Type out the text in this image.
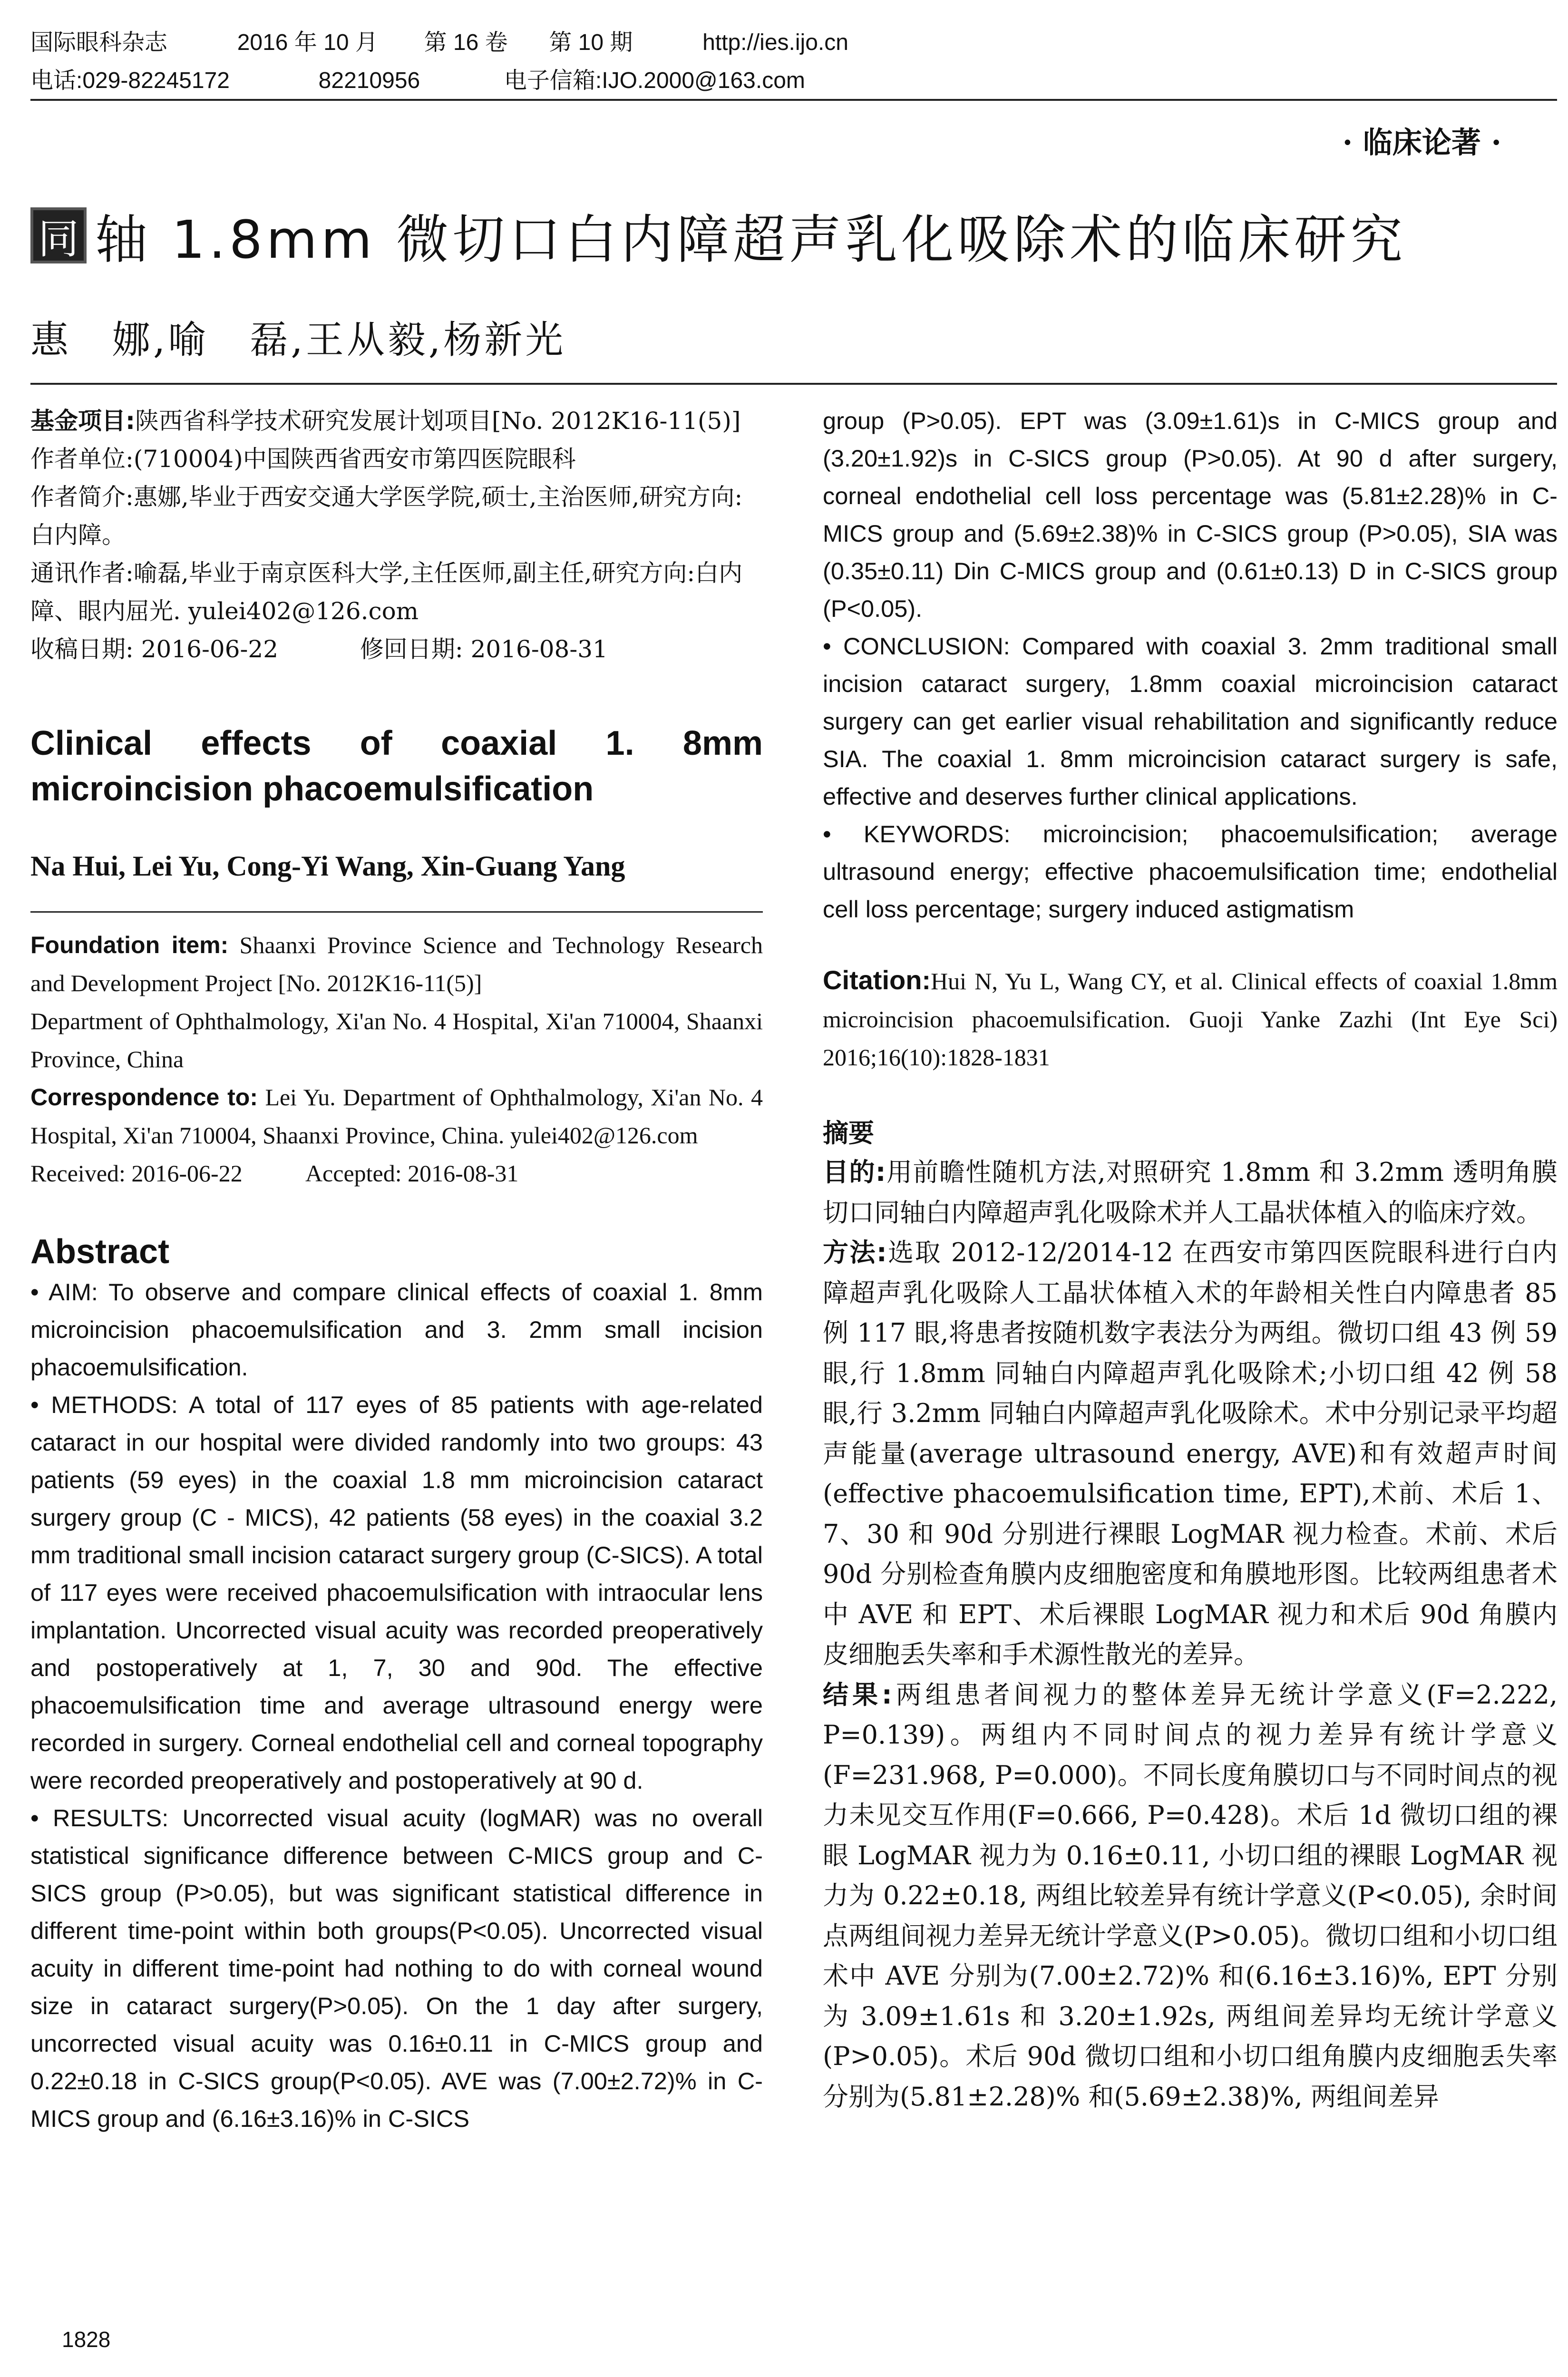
国际眼科杂志	2016 年 10 月 第 16 卷 第 10 期	http://ies.ijo.cn
电话:029-82245172	82210956	电子信箱:IJO.2000@163.com
· 临床论著 ·
同 轴 1.8mm 微切口白内障超声乳化吸除术的临床研究
惠　娜,喻　磊,王从毅,杨新光

基金项目:陕西省科学技术研究发展计划项目[No. 2012K16-11(5)]

作者单位:(710004)中国陕西省西安市第四医院眼科

作者简介:惠娜,毕业于西安交通大学医学院,硕士,主治医师,研究方向:白内障。

通讯作者:喻磊,毕业于南京医科大学,主任医师,副主任,研究方向:白内障、眼内屈光. yulei402@126.com

收稿日期: 2016-06-22	修回日期: 2016-08-31

Clinical effects of coaxial 1. 8mm microincision phacoemulsification
Na Hui, Lei Yu, Cong-Yi Wang, Xin-Guang Yang

Foundation item: Shaanxi Province Science and Technology Research and Development Project [No. 2012K16-11(5)]

Department of Ophthalmology, Xi'an No. 4 Hospital, Xi'an 710004, Shaanxi Province, China

Correspondence to: Lei Yu. Department of Ophthalmology, Xi'an No. 4 Hospital, Xi'an 710004, Shaanxi Province, China. yulei402@126.com

Received: 2016-06-22	Accepted: 2016-08-31

Abstract

• AIM: To observe and compare clinical effects of coaxial 1. 8mm microincision phacoemulsification and 3. 2mm small incision phacoemulsification.

• METHODS: A total of 117 eyes of 85 patients with age-related cataract in our hospital were divided randomly into two groups: 43 patients (59 eyes) in the coaxial 1.8 mm microincision cataract surgery group (C - MICS), 42 patients (58 eyes) in the coaxial 3.2 mm traditional small incision cataract surgery group (C-SICS). A total of 117 eyes were received phacoemulsification with intraocular lens implantation. Uncorrected visual acuity was recorded preoperatively and postoperatively at 1, 7, 30 and 90d. The effective phacoemulsification time and average ultrasound energy were recorded in surgery. Corneal endothelial cell and corneal topography were recorded preoperatively and postoperatively at 90 d.

• RESULTS: Uncorrected visual acuity (logMAR) was no overall statistical significance difference between C-MICS group and C-SICS group (P>0.05), but was significant statistical difference in different time-point within both groups(P<0.05). Uncorrected visual acuity in different time-point had nothing to do with corneal wound size in cataract surgery(P>0.05). On the 1 day after surgery, uncorrected visual acuity was 0.16±0.11 in C-MICS group and 0.22±0.18 in C-SICS group(P<0.05). AVE was (7.00±2.72)% in C-MICS group and (6.16±3.16)% in C-SICS

group (P>0.05). EPT was (3.09±1.61)s in C-MICS group and (3.20±1.92)s in C-SICS group (P>0.05). At 90 d after surgery, corneal endothelial cell loss percentage was (5.81±2.28)% in C-MICS group and (5.69±2.38)% in C-SICS group (P>0.05), SIA was (0.35±0.11) Din C-MICS group and (0.61±0.13) D in C-SICS group (P<0.05).

• CONCLUSION: Compared with coaxial 3. 2mm traditional small incision cataract surgery, 1.8mm coaxial microincision cataract surgery can get earlier visual rehabilitation and significantly reduce SIA. The coaxial 1. 8mm microincision cataract surgery is safe, effective and deserves further clinical applications.

• KEYWORDS: microincision; phacoemulsification; average ultrasound energy; effective phacoemulsification time; endothelial cell loss percentage; surgery induced astigmatism

Citation:Hui N, Yu L, Wang CY, et al. Clinical effects of coaxial 1.8mm microincision phacoemulsification. Guoji Yanke Zazhi (Int Eye Sci) 2016;16(10):1828-1831
摘要

目的:用前瞻性随机方法,对照研究 1.8mm 和 3.2mm 透明角膜切口同轴白内障超声乳化吸除术并人工晶状体植入的临床疗效。

方法:选取 2012-12/2014-12 在西安市第四医院眼科进行白内障超声乳化吸除人工晶状体植入术的年龄相关性白内障患者 85 例 117 眼,将患者按随机数字表法分为两组。微切口组 43 例 59 眼,行 1.8mm 同轴白内障超声乳化吸除术;小切口组 42 例 58 眼,行 3.2mm 同轴白内障超声乳化吸除术。术中分别记录平均超声能量(average ultrasound energy, AVE)和有效超声时间(effective phacoemulsification time, EPT),术前、术后 1、7、30 和 90d 分别进行裸眼 LogMAR 视力检查。术前、术后 90d 分别检查角膜内皮细胞密度和角膜地形图。比较两组患者术中 AVE 和 EPT、术后裸眼 LogMAR 视力和术后 90d 角膜内皮细胞丢失率和手术源性散光的差异。

结果:两组患者间视力的整体差异无统计学意义(F=2.222, P=0.139)。两组内不同时间点的视力差异有统计学意义(F=231.968, P=0.000)。不同长度角膜切口与不同时间点的视力未见交互作用(F=0.666, P=0.428)。术后 1d 微切口组的裸眼 LogMAR 视力为 0.16±0.11, 小切口组的裸眼 LogMAR 视力为 0.22±0.18, 两组比较差异有统计学意义(P<0.05), 余时间点两组间视力差异无统计学意义(P>0.05)。微切口组和小切口组术中 AVE 分别为(7.00±2.72)% 和(6.16±3.16)%, EPT 分别为 3.09±1.61s 和 3.20±1.92s, 两组间差异均无统计学意义(P>0.05)。术后 90d 微切口组和小切口组角膜内皮细胞丢失率分别为(5.81±2.28)% 和(5.69±2.38)%, 两组间差异

1828
